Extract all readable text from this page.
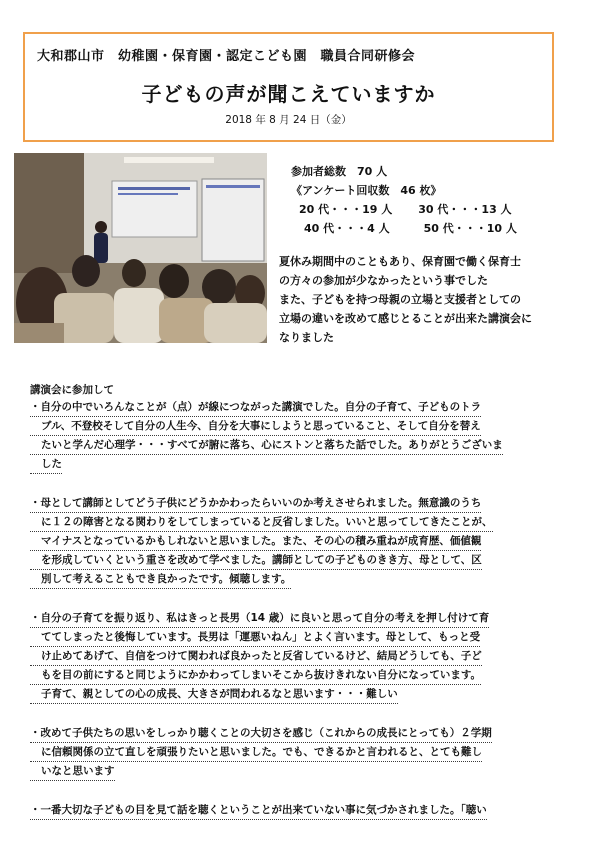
大和郡山市　幼稚園・保育園・認定こども園　職員合同研修会
子どもの声が聞こえていますか
2018 年 8 月 24 日（金）
参加者総数　70 人
《アンケート回収数　46 枚》
20 代・・・19 人 30 代・・・13 人
40 代・・・4 人	50 代・・・10 人
夏休み期間中のこともあり、保育園で働く保育士
の方々の参加が少なかったという事でした
また、子どもを持つ母親の立場と支援者としての
立場の違いを改めて感じとることが出来た講演会に
なりました
講演会に参加して
・自分の中でいろんなことが（点）が線につながった講演でした。自分の子育て、子どものトラ
ブル、不登校そして自分の人生今、自分を大事にしようと思っていること、そして自分を替え
たいと学んだ心理学・・・すべてが腑に落ち、心にストンと落ちた話でした。ありがとうございま
した
・母として講師としてどう子供にどうかかわったらいいのか考えさせられました。無意識のうち
に１２の障害となる関わりをしてしまっていると反省しました。いいと思ってしてきたことが、
マイナスとなっているかもしれないと思いました。また、その心の積み重ねが成育歴、価値観
を形成していくという重さを改めて学べました。講師としての子どものきき方、母として、区
別して考えることもでき良かったです。傾聴します。
・自分の子育てを振り返り、私はきっと長男（14 歳）に良いと思って自分の考えを押し付けて育
ててしまったと後悔しています。長男は「運悪いねん」とよく言います。母として、もっと受
け止めてあげて、自信をつけて関われば良かったと反省しているけど、結局どうしても、子ど
もを目の前にすると同じようにかかわってしまいそこから抜けきれない自分になっています。
子育て、親としての心の成長、大きさが問われるなと思います・・・難しい
・改めて子供たちの思いをしっかり聴くことの大切さを感じ（これからの成長にとっても）２学期
に信頼関係の立て直しを頑張りたいと思いました。でも、できるかと言われると、とても難し
いなと思います
・一番大切な子どもの目を見て話を聴くということが出来ていない事に気づかされました。「聴い
